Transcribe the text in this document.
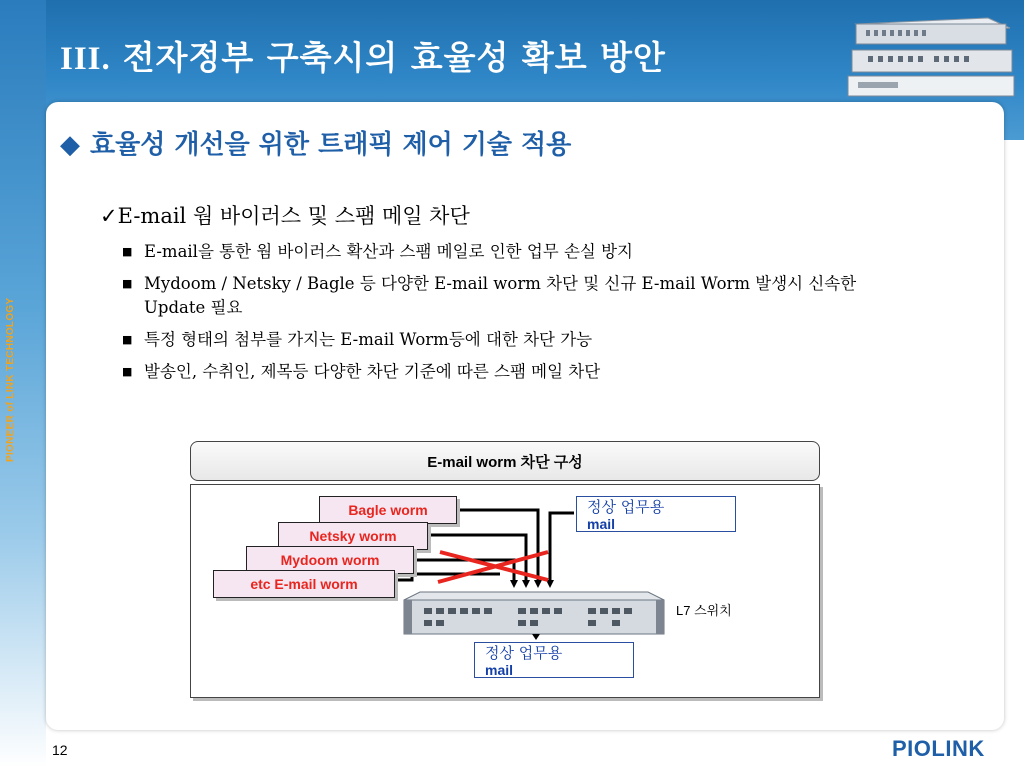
PIONEER of LINK TECHNOLOGY
III. 전자정부 구축시의 효율성 확보 방안
◆ 효율성 개선을 위한 트래픽 제어 기술 적용
✓E-mail 웜 바이러스 및 스팸 메일 차단
■ E-mail을 통한 웜 바이러스 확산과 스팸 메일로 인한 업무 손실 방지
■ Mydoom / Netsky / Bagle 등 다양한 E-mail worm 차단 및 신규 E-mail Worm 발생시 신속한 Update 필요
■ 특정 형태의 첨부를 가지는 E-mail Worm등에 대한 차단 가능
■ 발송인, 수취인, 제목등 다양한 차단 기준에 따른 스팸 메일 차단
E-mail worm 차단 구성
Bagle worm
Netsky worm
Mydoom worm
etc E-mail worm
정상 업무용
mail
정상 업무용
mail
L7 스위치
12	PIOLINK
